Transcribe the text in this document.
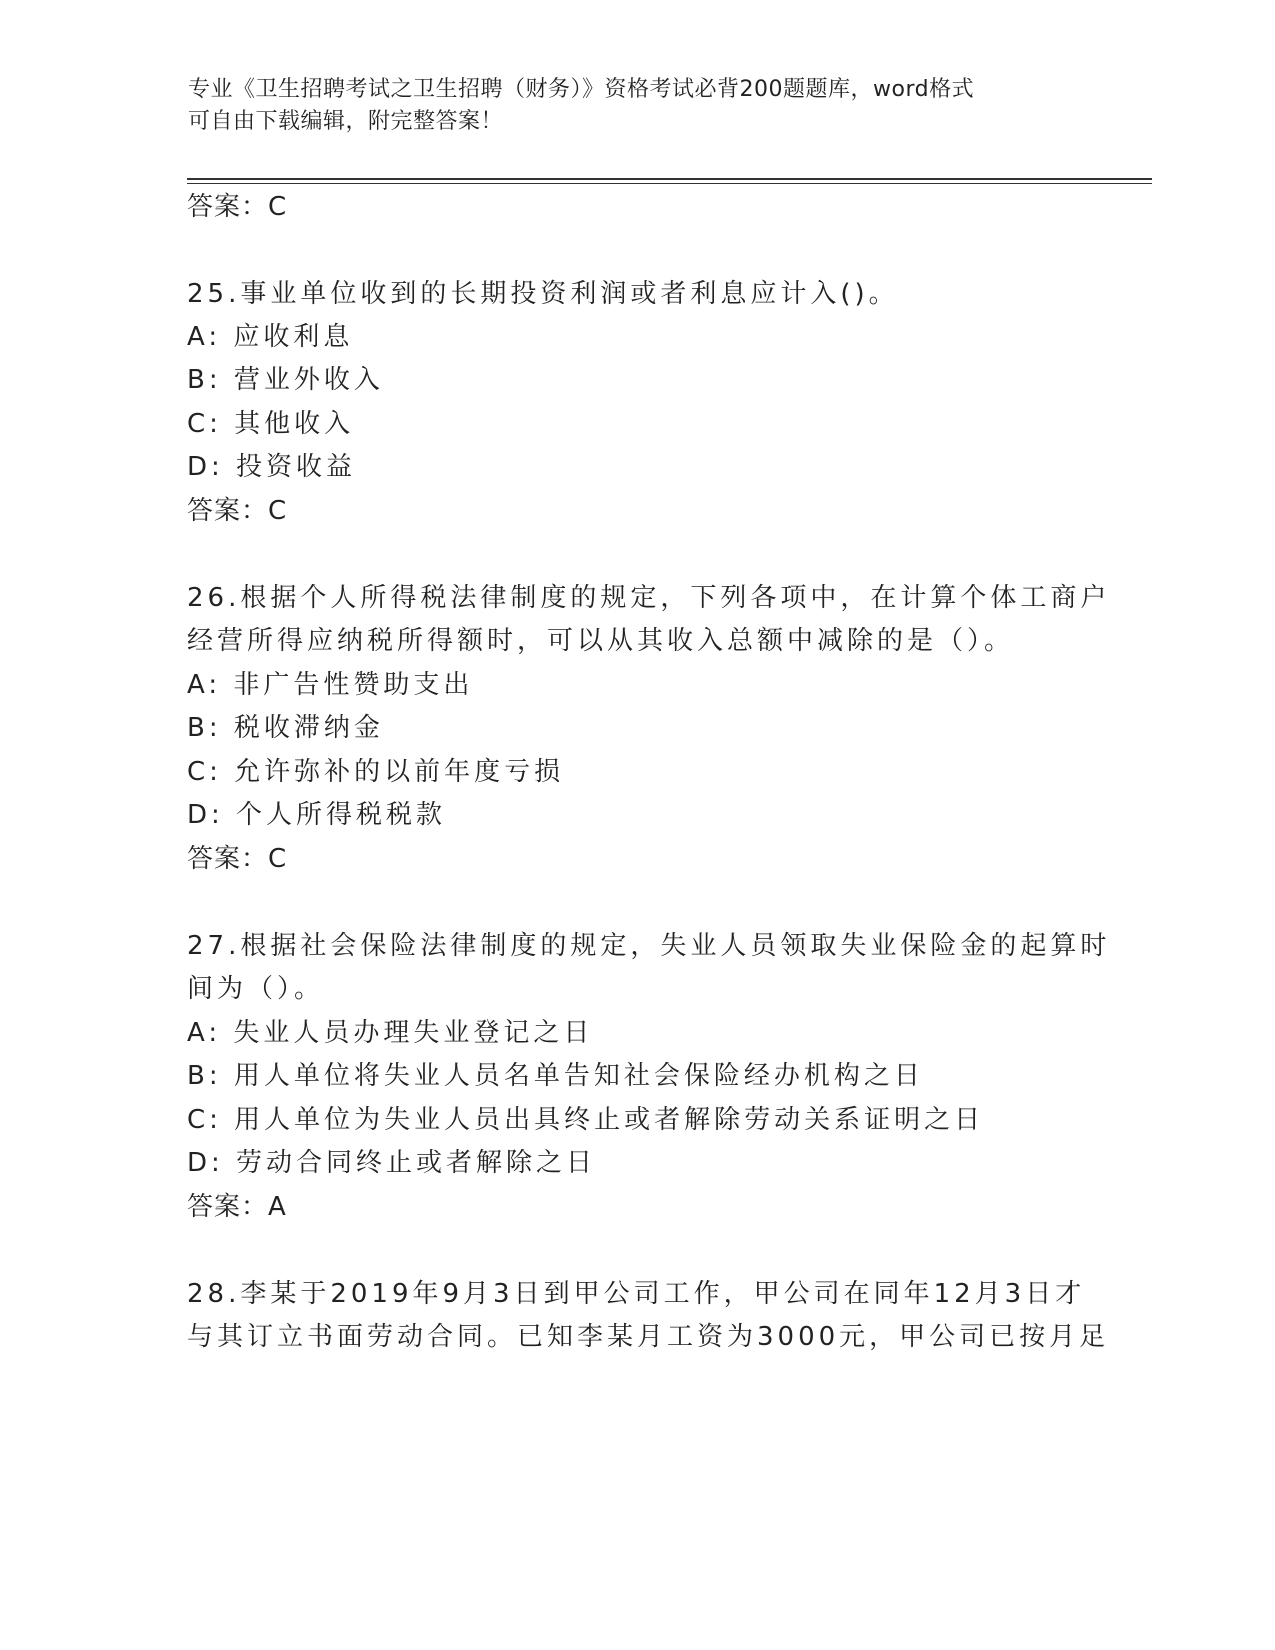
专业《卫生招聘考试之卫生招聘（财务）》资格考试必背200题题库，word格式
可自由下载编辑，附完整答案！
答案：C
25.事业单位收到的长期投资利润或者利息应计入()。
A: 应收利息
B: 营业外收入
C: 其他收入
D: 投资收益
答案：C
26.根据个人所得税法律制度的规定，下列各项中，在计算个体工商户
经营所得应纳税所得额时，可以从其收入总额中减除的是（）。
A: 非广告性赞助支出
B: 税收滞纳金
C: 允许弥补的以前年度亏损
D: 个人所得税税款
答案：C
27.根据社会保险法律制度的规定，失业人员领取失业保险金的起算时
间为（）。
A: 失业人员办理失业登记之日
B: 用人单位将失业人员名单告知社会保险经办机构之日
C: 用人单位为失业人员出具终止或者解除劳动关系证明之日
D: 劳动合同终止或者解除之日
答案：A
28.李某于2019年9月3日到甲公司工作，甲公司在同年12月3日才
与其订立书面劳动合同。已知李某月工资为3000元，甲公司已按月足
